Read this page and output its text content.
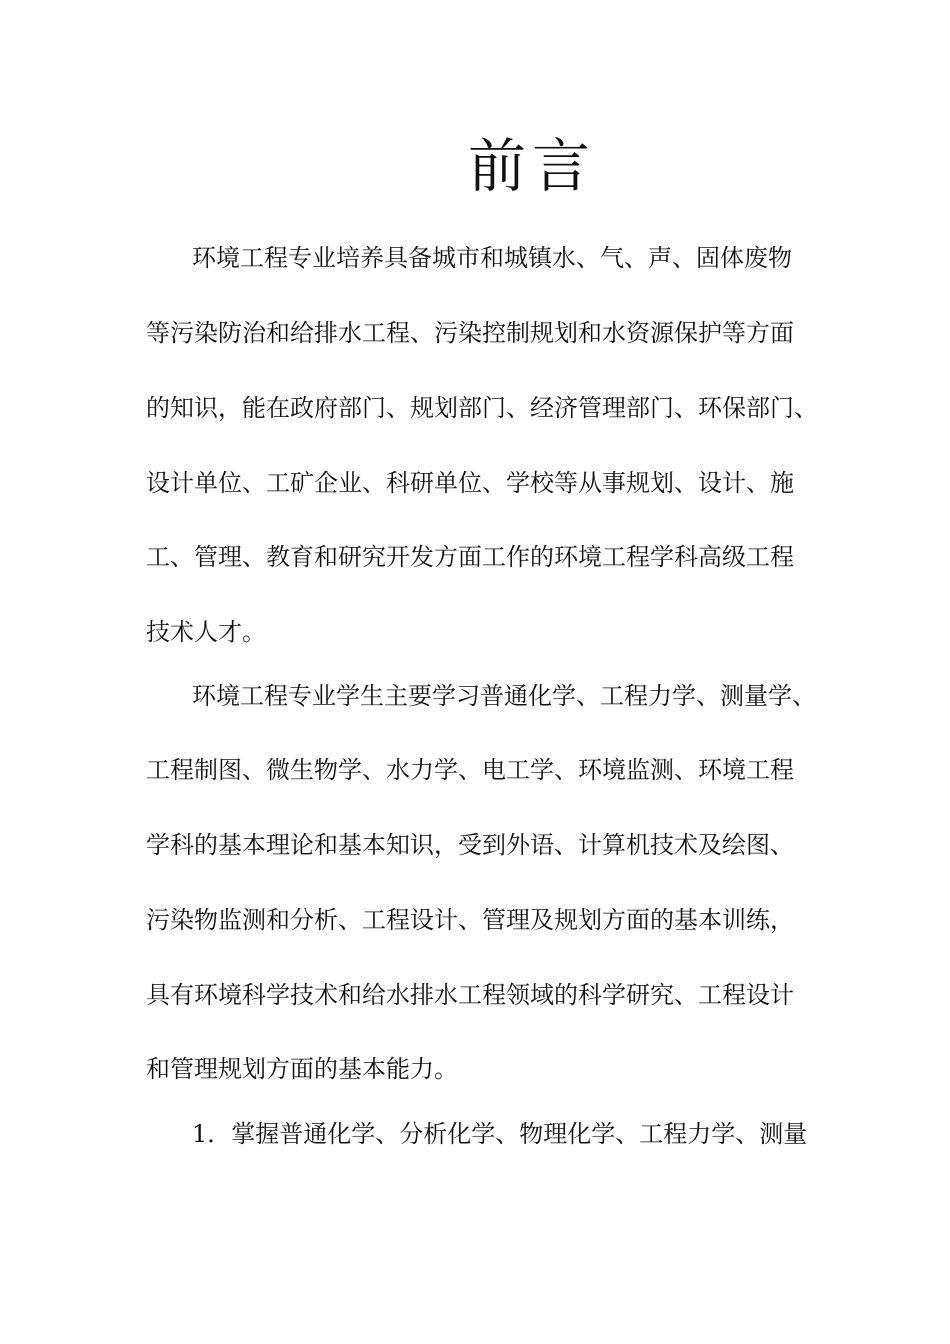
前言

环境工程专业培养具备城市和城镇水、气、声、固体废物

等污染防治和给排水工程、污染控制规划和水资源保护等方面

的知识，能在政府部门、规划部门、经济管理部门、环保部门、

设计单位、工矿企业、科研单位、学校等从事规划、设计、施

工、管理、教育和研究开发方面工作的环境工程学科高级工程

技术人才。

环境工程专业学生主要学习普通化学、工程力学、测量学、

工程制图、微生物学、水力学、电工学、环境监测、环境工程

学科的基本理论和基本知识，受到外语、计算机技术及绘图、

污染物监测和分析、工程设计、管理及规划方面的基本训练，

具有环境科学技术和给水排水工程领域的科学研究、工程设计

和管理规划方面的基本能力。

1．掌握普通化学、分析化学、物理化学、工程力学、测量
